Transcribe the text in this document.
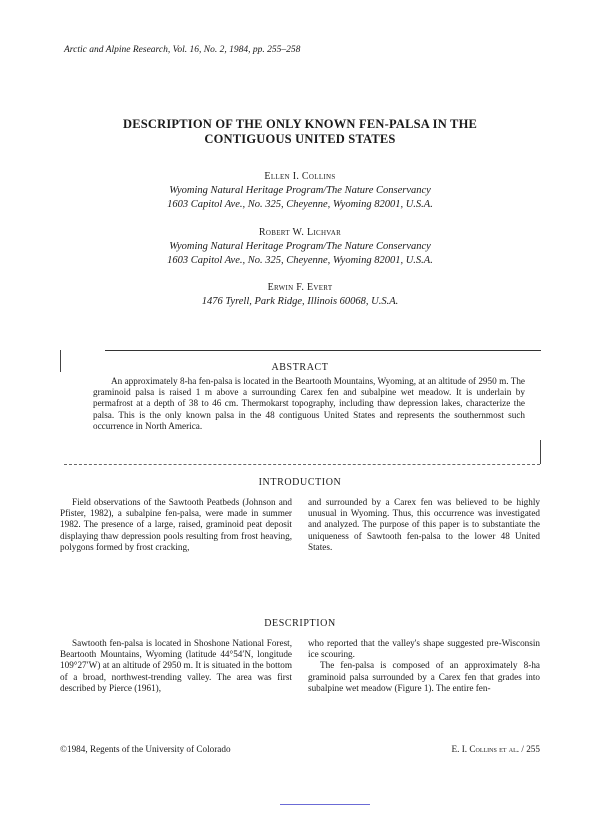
Arctic and Alpine Research, Vol. 16, No. 2, 1984, pp. 255–258
DESCRIPTION OF THE ONLY KNOWN FEN-PALSA IN THE
CONTIGUOUS UNITED STATES
Ellen I. Collins
Wyoming Natural Heritage Program/The Nature Conservancy
1603 Capitol Ave., No. 325, Cheyenne, Wyoming 82001, U.S.A.
Robert W. Lichvar
Wyoming Natural Heritage Program/The Nature Conservancy
1603 Capitol Ave., No. 325, Cheyenne, Wyoming 82001, U.S.A.
Erwin F. Evert
1476 Tyrell, Park Ridge, Illinois 60068, U.S.A.
ABSTRACT
An approximately 8-ha fen-palsa is located in the Beartooth Mountains, Wyoming, at an altitude of 2950 m. The graminoid palsa is raised 1 m above a surrounding Carex fen and subalpine wet meadow. It is underlain by permafrost at a depth of 38 to 46 cm. Thermokarst topography, including thaw depression lakes, characterize the palsa. This is the only known palsa in the 48 contiguous United States and represents the southernmost such occurrence in North America.
INTRODUCTION

Field observations of the Sawtooth Peatbeds (Johnson and Pfister, 1982), a subalpine fen-palsa, were made in summer 1982. The presence of a large, raised, graminoid peat deposit displaying thaw depression pools resulting from frost heaving, polygons formed by frost cracking,

and surrounded by a Carex fen was believed to be highly unusual in Wyoming. Thus, this occurrence was investigated and analyzed. The purpose of this paper is to substantiate the uniqueness of Sawtooth fen-palsa to the lower 48 United States.

DESCRIPTION

Sawtooth fen-palsa is located in Shoshone National Forest, Beartooth Mountains, Wyoming (latitude 44°54′N, longitude 109°27′W) at an altitude of 2950 m. It is situated in the bottom of a broad, northwest-trending valley. The area was first described by Pierce (1961),

who reported that the valley's shape suggested pre-Wisconsin ice scouring.

The fen-palsa is composed of an approximately 8-ha graminoid palsa surrounded by a Carex fen that grades into subalpine wet meadow (Figure 1). The entire fen-

©1984, Regents of the University of Colorado	E. I. Collins et al. / 255
